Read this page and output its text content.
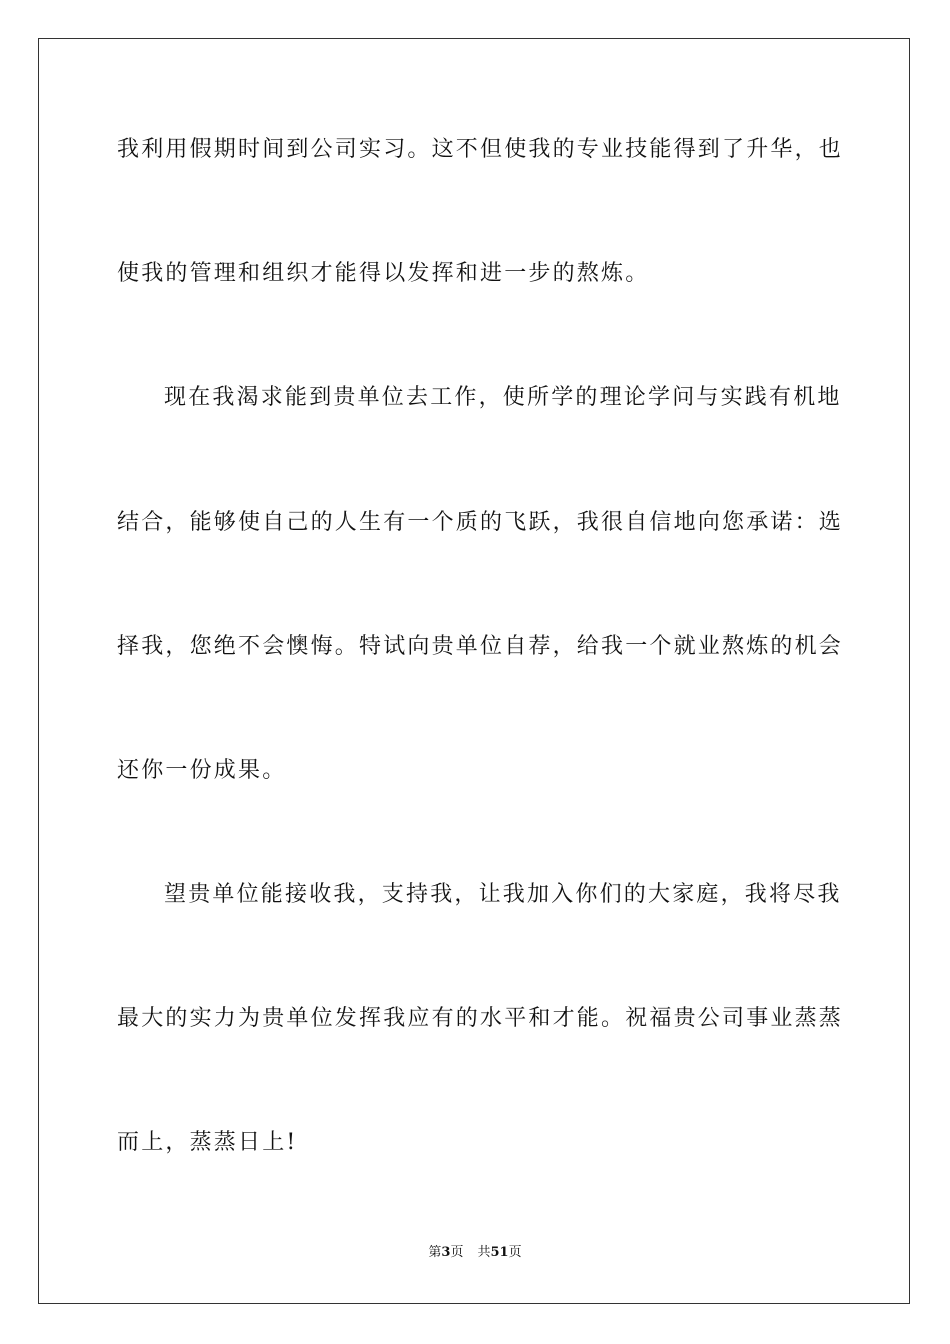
我利用假期时间到公司实习。这不但使我的专业技能得到了升华，也
使我的管理和组织才能得以发挥和进一步的熬炼。
现在我渴求能到贵单位去工作，使所学的理论学问与实践有机地
结合，能够使自己的人生有一个质的飞跃，我很自信地向您承诺：选
择我，您绝不会懊悔。特试向贵单位自荐，给我一个就业熬炼的机会
还你一份成果。
望贵单位能接收我，支持我，让我加入你们的大家庭，我将尽我
最大的实力为贵单位发挥我应有的水平和才能。祝福贵公司事业蒸蒸
而上，蒸蒸日上!
第3页 共51页
